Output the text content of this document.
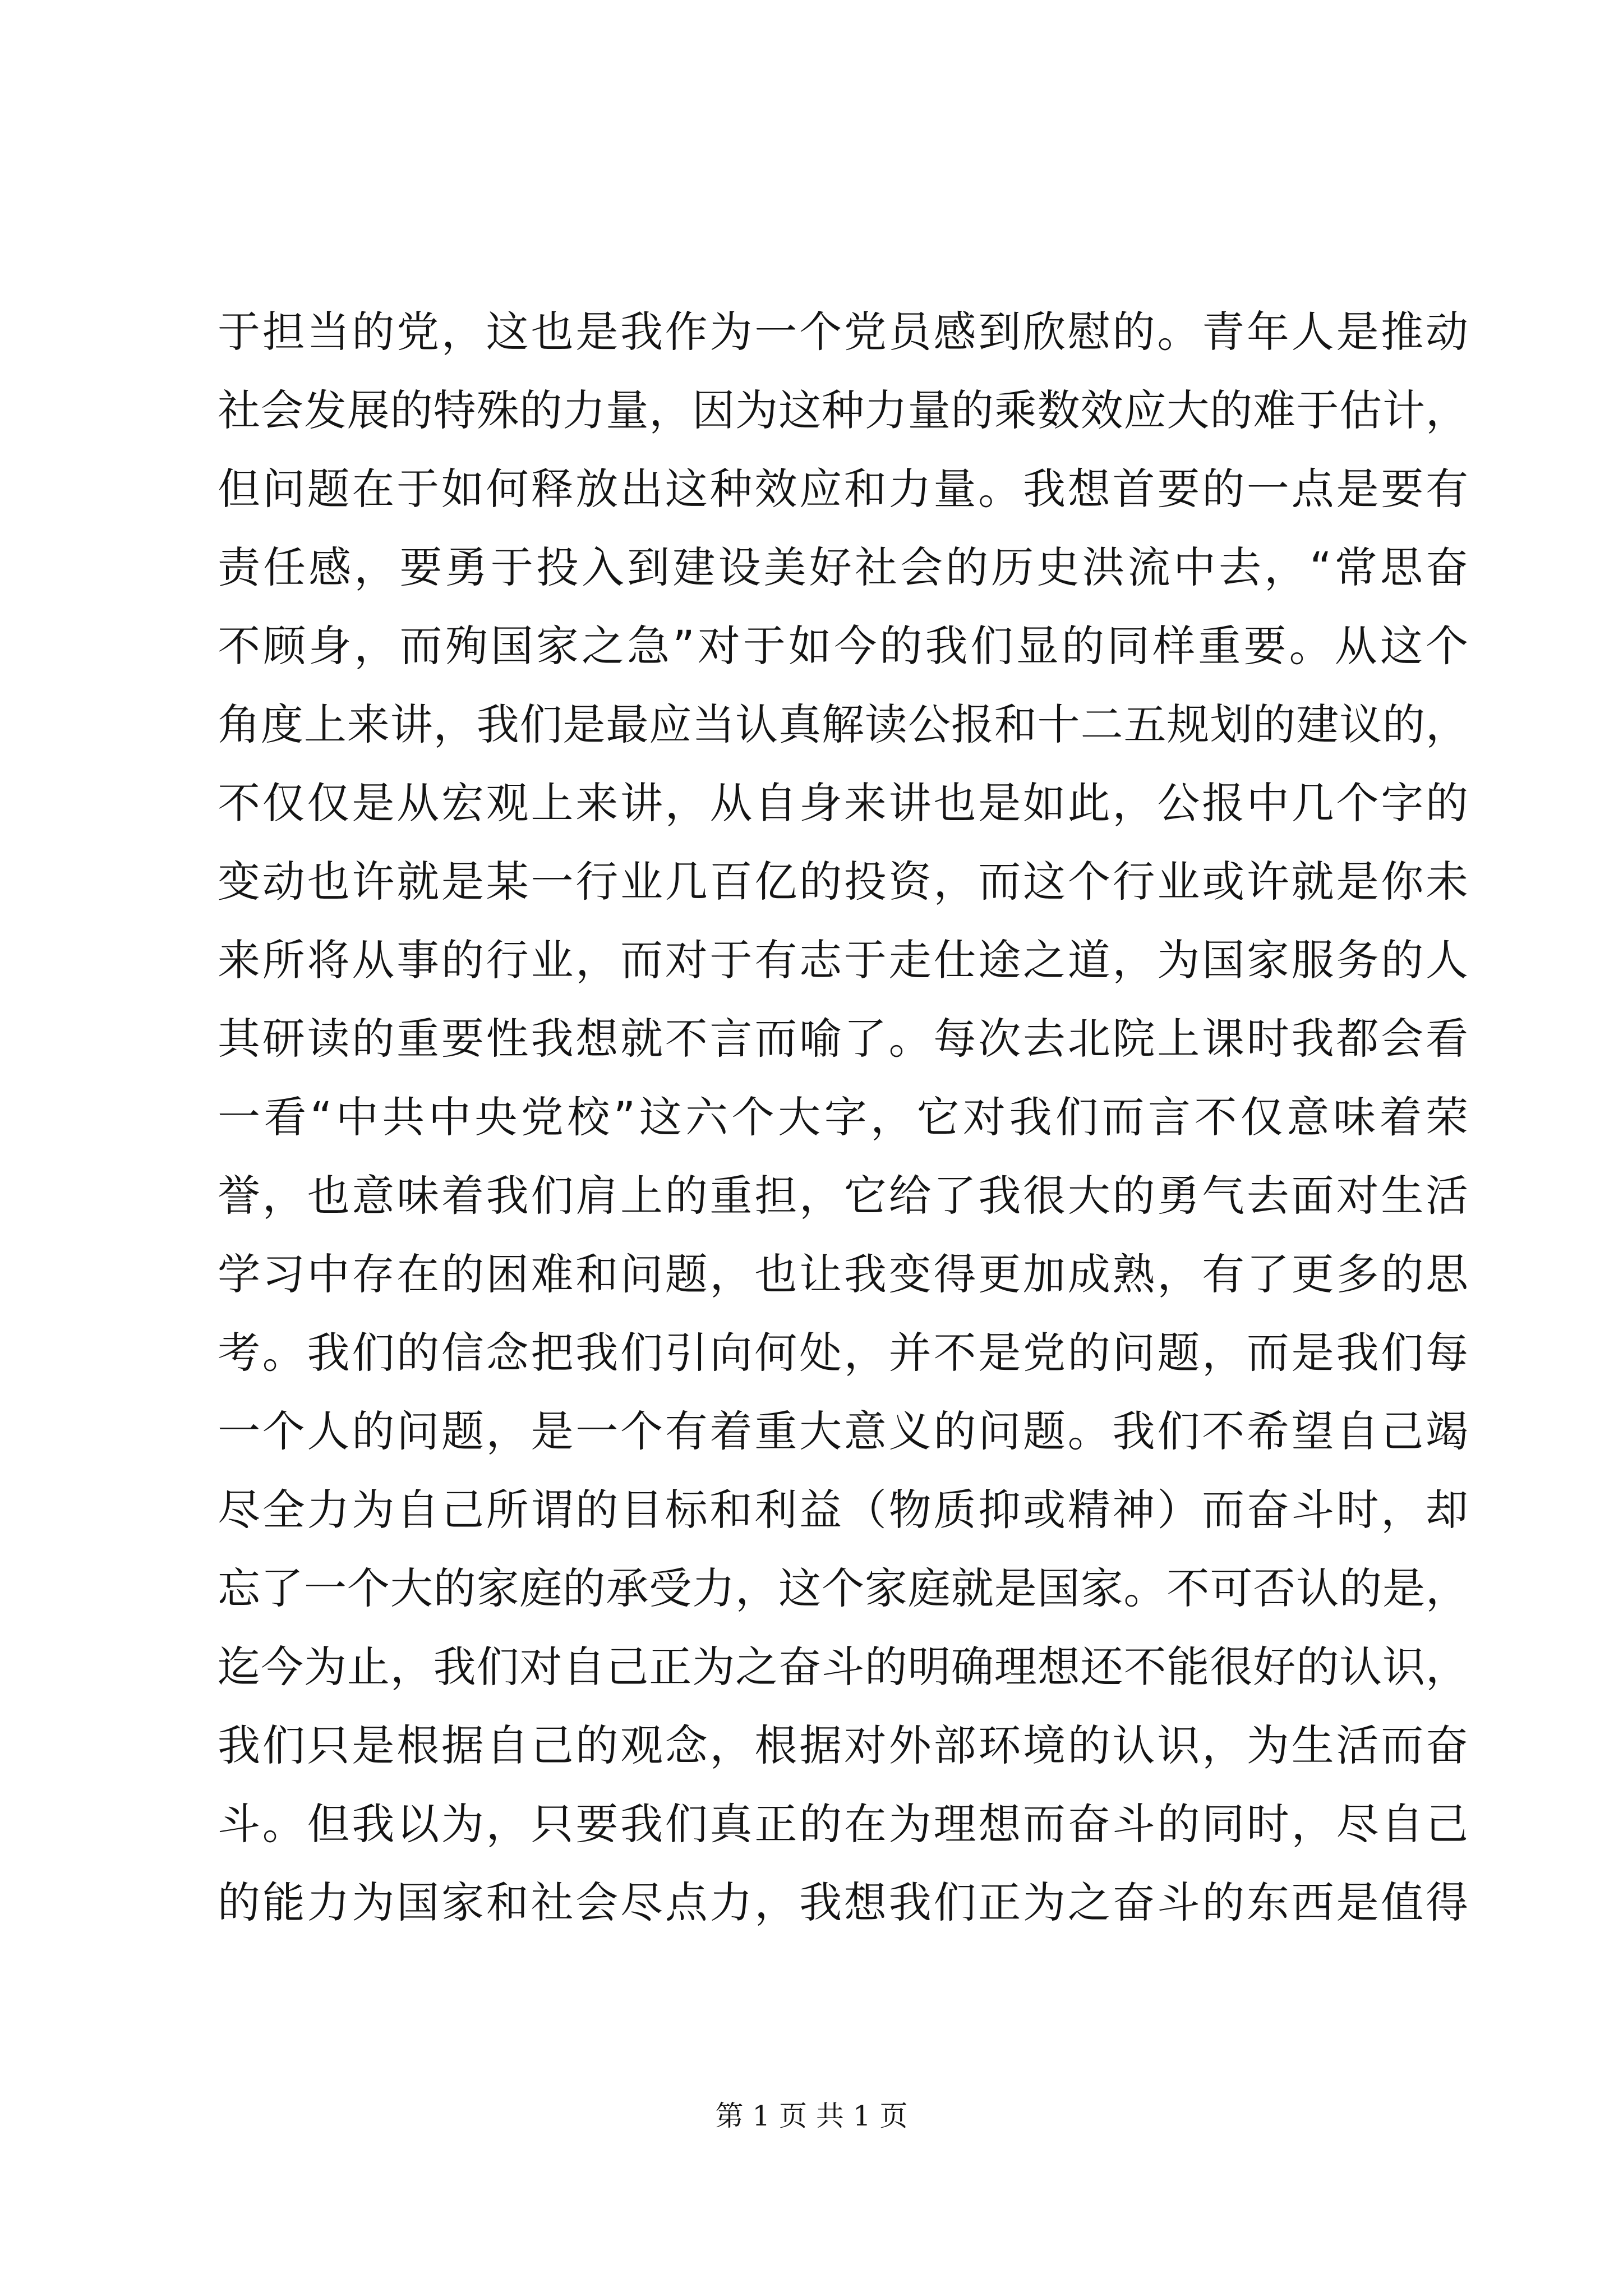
于担当的党，这也是我作为一个党员感到欣慰的。青年人是推动
社会发展的特殊的力量，因为这种力量的乘数效应大的难于估计，
但问题在于如何释放出这种效应和力量。我想首要的一点是要有
责任感，要勇于投入到建设美好社会的历史洪流中去，“常思奋
不顾身，而殉国家之急”对于如今的我们显的同样重要。从这个
角度上来讲，我们是最应当认真解读公报和十二五规划的建议的，
不仅仅是从宏观上来讲，从自身来讲也是如此，公报中几个字的
变动也许就是某一行业几百亿的投资，而这个行业或许就是你未
来所将从事的行业，而对于有志于走仕途之道，为国家服务的人
其研读的重要性我想就不言而喻了。每次去北院上课时我都会看
一看“中共中央党校”这六个大字，它对我们而言不仅意味着荣
誉，也意味着我们肩上的重担，它给了我很大的勇气去面对生活
学习中存在的困难和问题，也让我变得更加成熟，有了更多的思
考。我们的信念把我们引向何处，并不是党的问题，而是我们每
一个人的问题，是一个有着重大意义的问题。我们不希望自己竭
尽全力为自己所谓的目标和利益（物质抑或精神）而奋斗时，却
忘了一个大的家庭的承受力，这个家庭就是国家。不可否认的是，
迄今为止，我们对自己正为之奋斗的明确理想还不能很好的认识，
我们只是根据自己的观念，根据对外部环境的认识，为生活而奋
斗。但我以为，只要我们真正的在为理想而奋斗的同时，尽自己
的能力为国家和社会尽点力，我想我们正为之奋斗的东西是值得
第 1 页 共 1 页
